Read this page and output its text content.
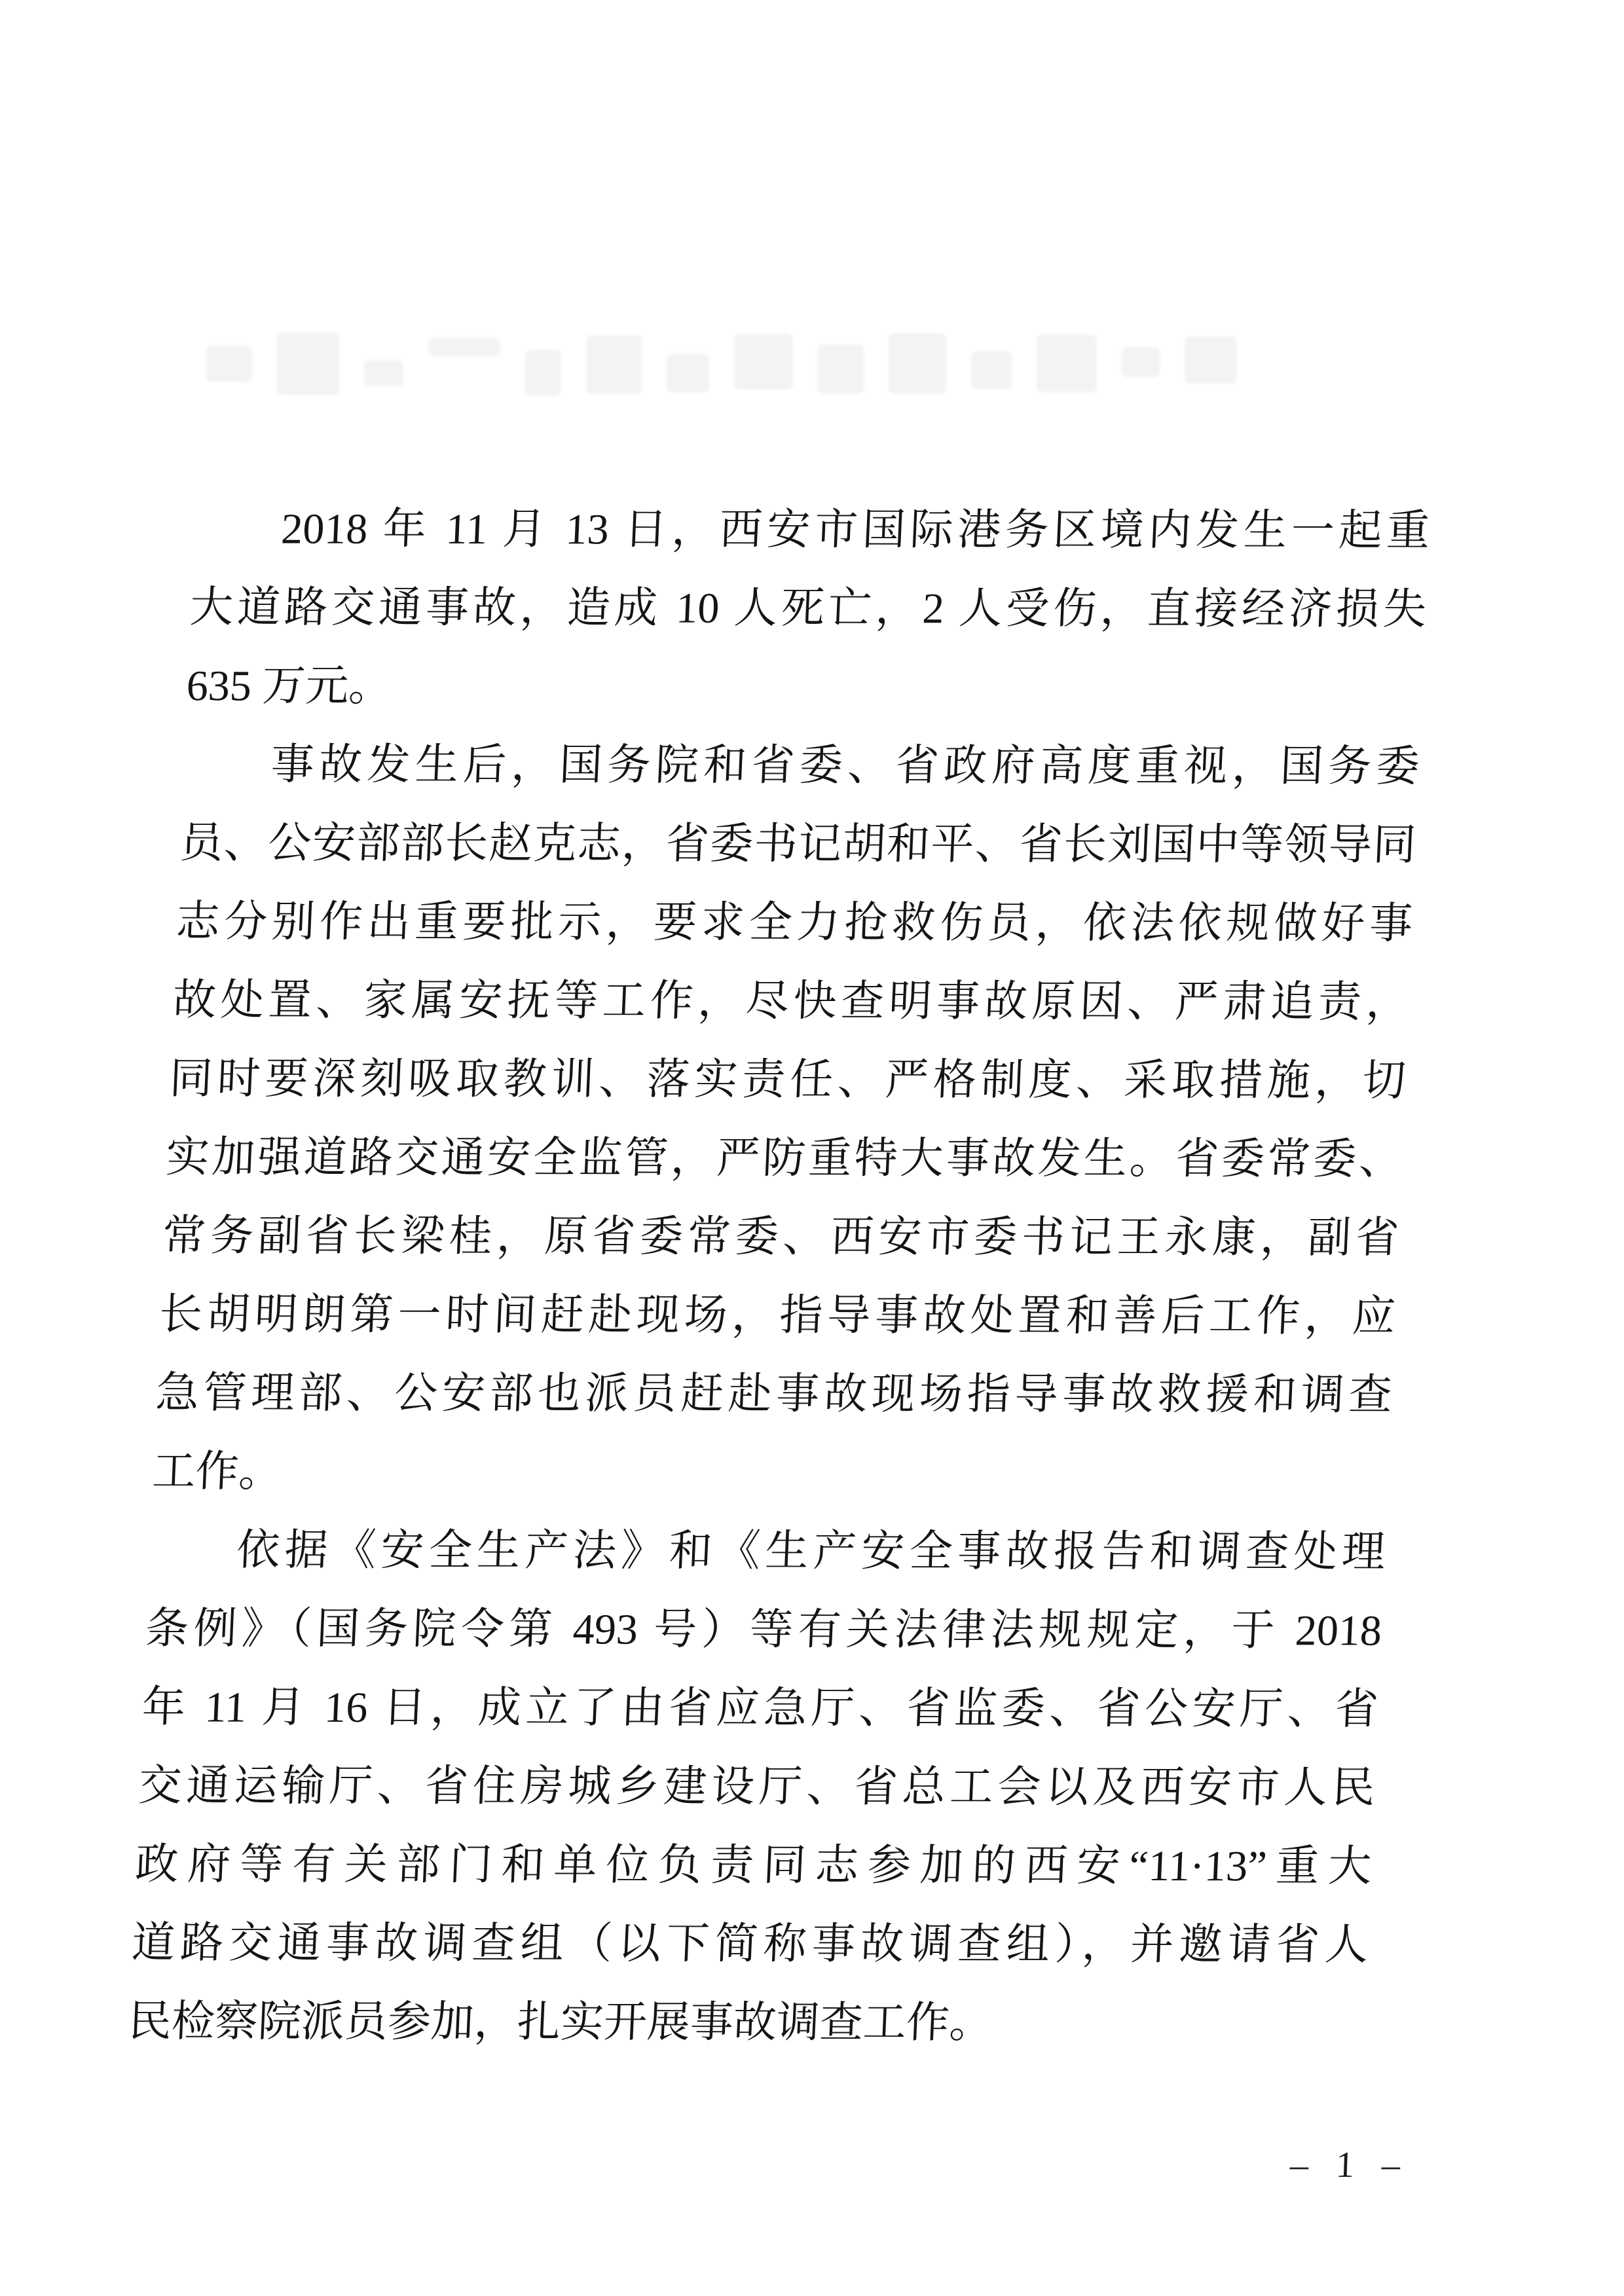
2018 年 11 月 13 日，西安市国际港务区境内发生一起重

大道路交通事故，造成 10 人死亡，2 人受伤，直接经济损失

635 万元。

事故发生后，国务院和省委、省政府高度重视，国务委

员、公安部部长赵克志，省委书记胡和平、省长刘国中等领导同

志分别作出重要批示，要求全力抢救伤员，依法依规做好事

故处置、家属安抚等工作，尽快查明事故原因、严肃追责，

同时要深刻吸取教训、落实责任、严格制度、采取措施，切

实加强道路交通安全监管，严防重特大事故发生。省委常委、

常务副省长梁桂，原省委常委、西安市委书记王永康，副省

长胡明朗第一时间赶赴现场，指导事故处置和善后工作，应

急管理部、公安部也派员赶赴事故现场指导事故救援和调查

工作。

依据《安全生产法》和《生产安全事故报告和调查处理

条例》（国务院令第 493 号）等有关法律法规规定，于 2018

年 11 月 16 日，成立了由省应急厅、省监委、省公安厅、省

交通运输厅、省住房城乡建设厅、省总工会以及西安市人民

政府等有关部门和单位负责同志参加的西安“11·13”重大

道路交通事故调查组（以下简称事故调查组），并邀请省人

民检察院派员参加，扎实开展事故调查工作。

– 1 –
